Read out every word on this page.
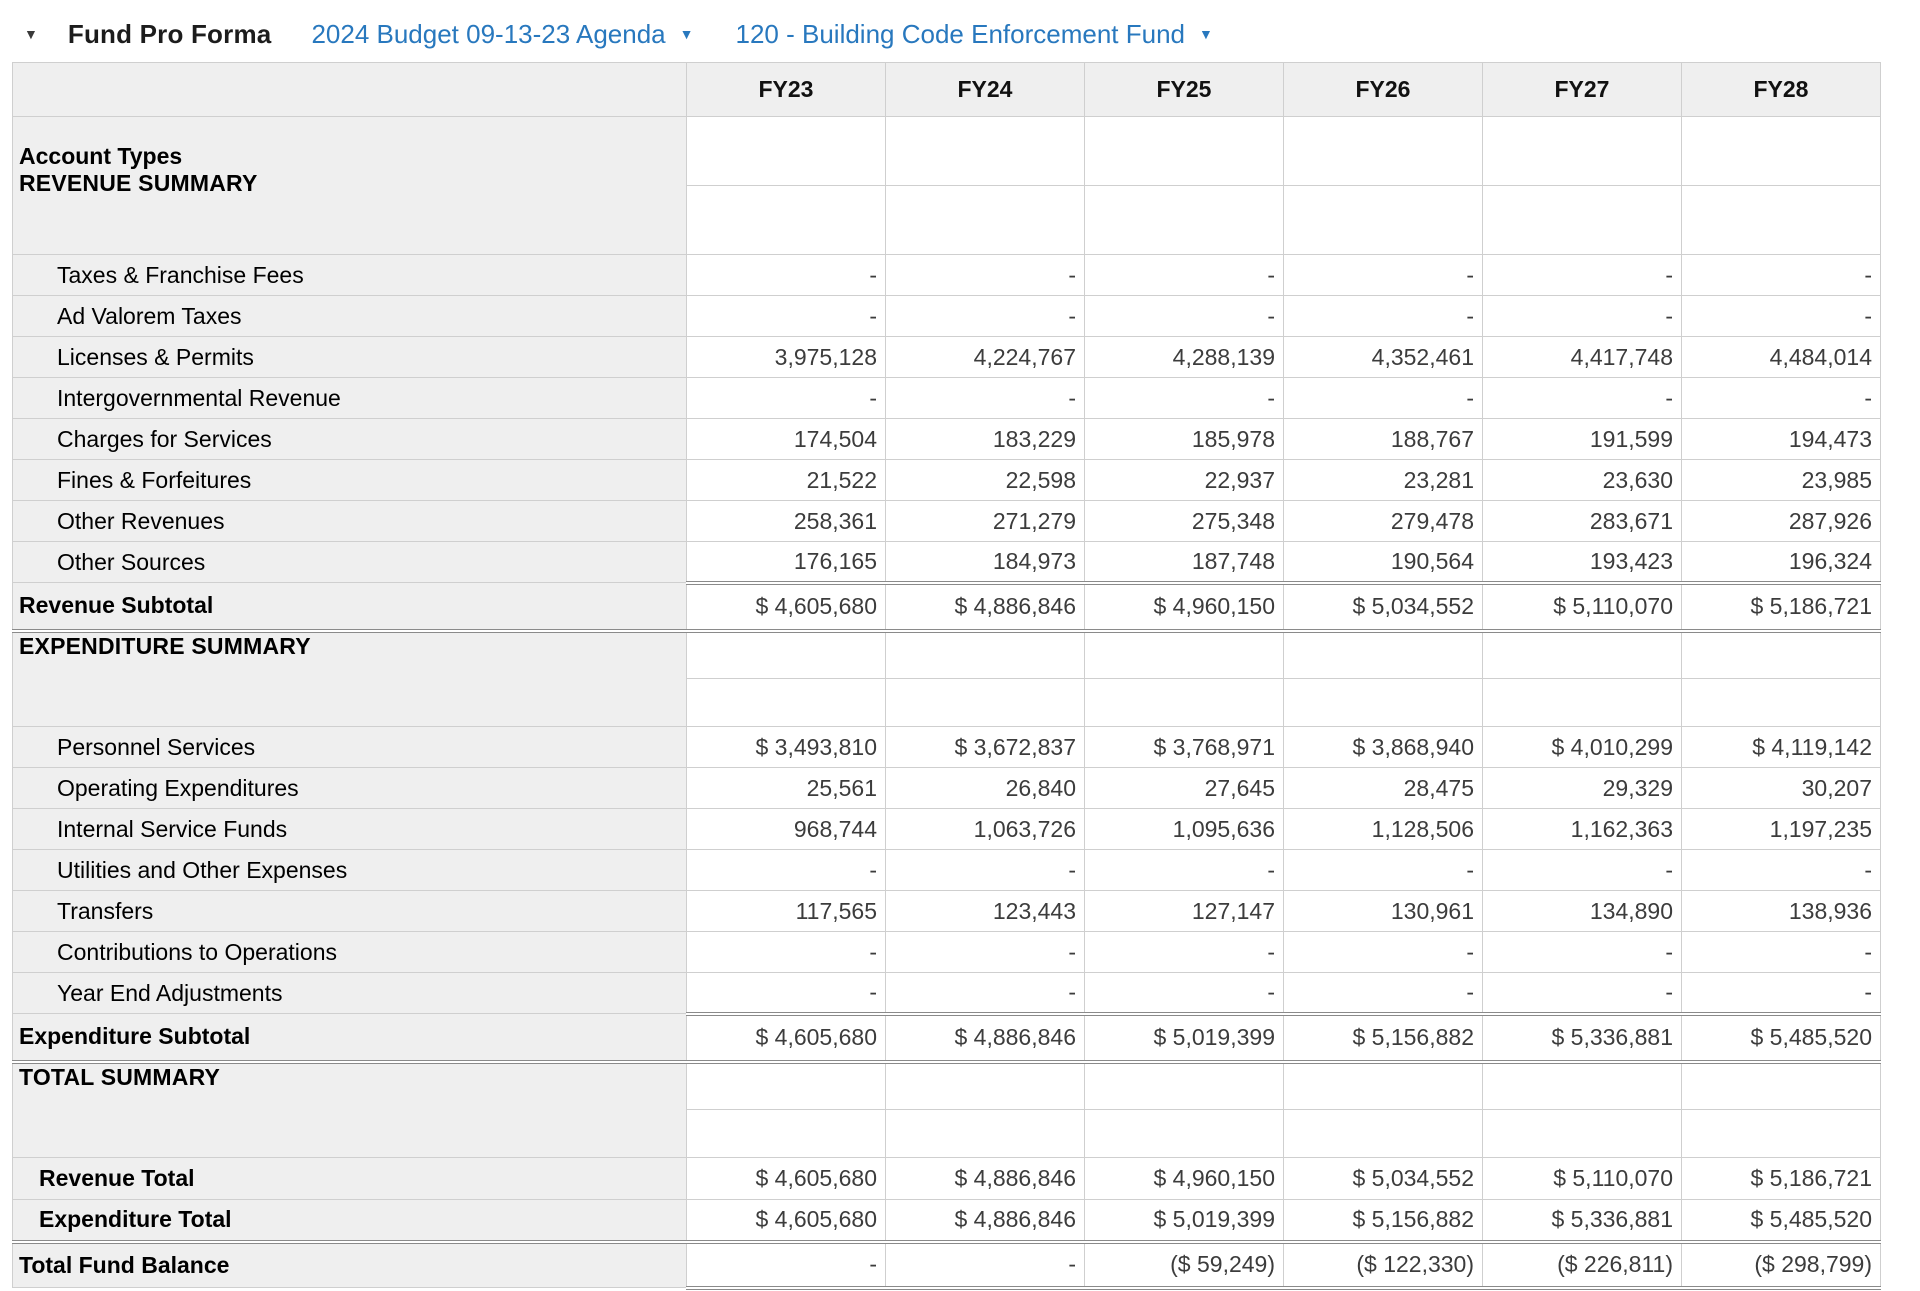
▼ Fund Pro Forma 2024 Budget 09-13-23 Agenda ▼ 120 - Building Code Enforcement Fund ▼
	FY23	FY24	FY25	FY26	FY27	FY28

Account Types
REVENUE SUMMARY						

Taxes & Franchise Fees	-	-	-	-	-	-
Ad Valorem Taxes	-	-	-	-	-	-
Licenses & Permits	3,975,128	4,224,767	4,288,139	4,352,461	4,417,748	4,484,014
Intergovernmental Revenue	-	-	-	-	-	-
Charges for Services	174,504	183,229	185,978	188,767	191,599	194,473
Fines & Forfeitures	21,522	22,598	22,937	23,281	23,630	23,985
Other Revenues	258,361	271,279	275,348	279,478	283,671	287,926
Other Sources	176,165	184,973	187,748	190,564	193,423	196,324
Revenue Subtotal	$ 4,605,680	$ 4,886,846	$ 4,960,150	$ 5,034,552	$ 5,110,070	$ 5,186,721

EXPENDITURE SUMMARY						

Personnel Services	$ 3,493,810	$ 3,672,837	$ 3,768,971	$ 3,868,940	$ 4,010,299	$ 4,119,142
Operating Expenditures	25,561	26,840	27,645	28,475	29,329	30,207
Internal Service Funds	968,744	1,063,726	1,095,636	1,128,506	1,162,363	1,197,235
Utilities and Other Expenses	-	-	-	-	-	-
Transfers	117,565	123,443	127,147	130,961	134,890	138,936
Contributions to Operations	-	-	-	-	-	-
Year End Adjustments	-	-	-	-	-	-
Expenditure Subtotal	$ 4,605,680	$ 4,886,846	$ 5,019,399	$ 5,156,882	$ 5,336,881	$ 5,485,520

TOTAL SUMMARY						

Revenue Total	$ 4,605,680	$ 4,886,846	$ 4,960,150	$ 5,034,552	$ 5,110,070	$ 5,186,721
Expenditure Total	$ 4,605,680	$ 4,886,846	$ 5,019,399	$ 5,156,882	$ 5,336,881	$ 5,485,520
Total Fund Balance	-	-	($ 59,249)	($ 122,330)	($ 226,811)	($ 298,799)
